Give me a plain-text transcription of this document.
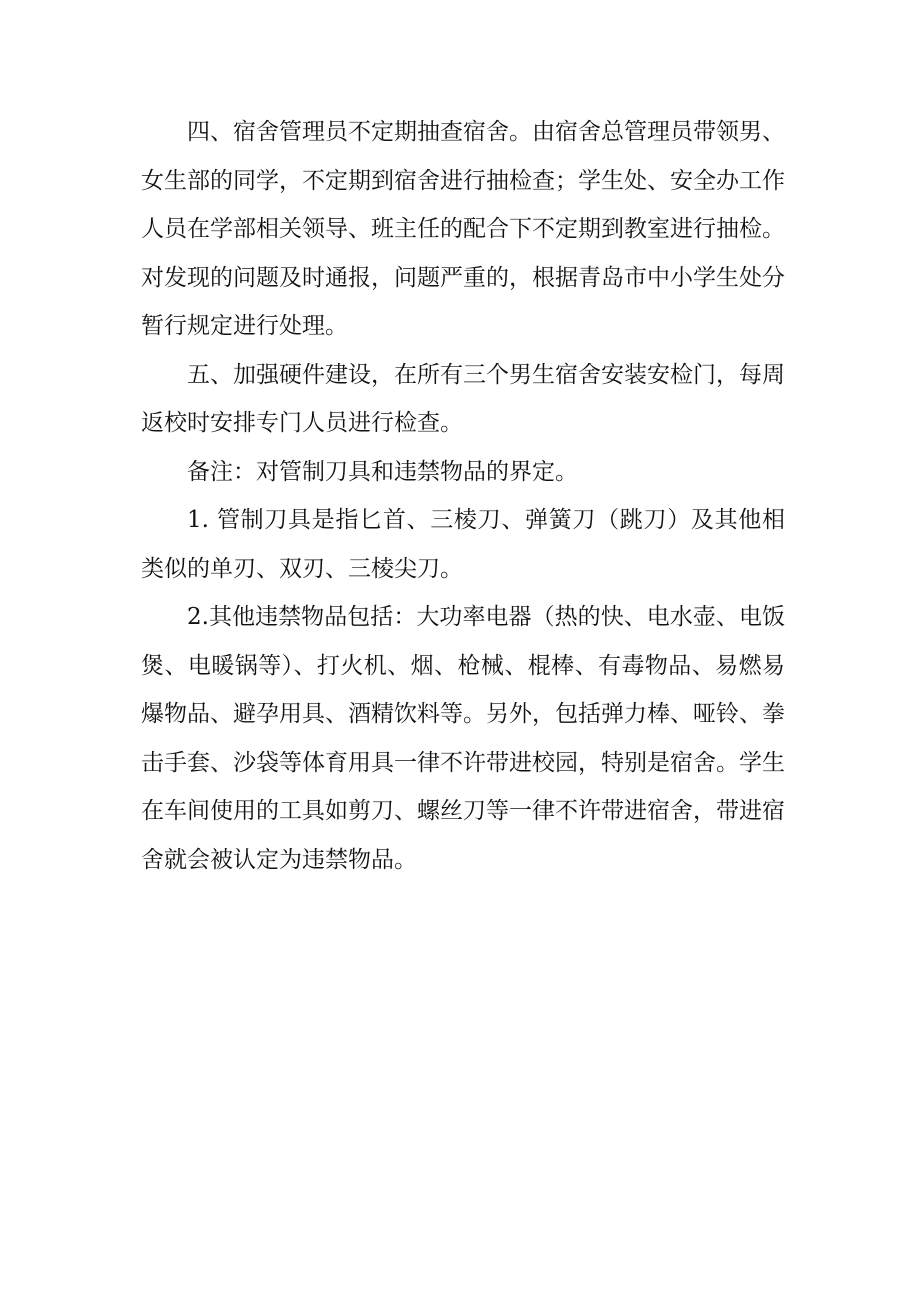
四、宿舍管理员不定期抽查宿舍。由宿舍总管理员带领男、女生部的同学，不定期到宿舍进行抽检查；学生处、安全办工作人员在学部相关领导、班主任的配合下不定期到教室进行抽检。对发现的问题及时通报，问题严重的，根据青岛市中小学生处分暂行规定进行处理。

五、加强硬件建设，在所有三个男生宿舍安装安检门，每周返校时安排专门人员进行检查。

备注：对管制刀具和违禁物品的界定。

1. 管制刀具是指匕首、三棱刀、弹簧刀（跳刀）及其他相类似的单刃、双刃、三棱尖刀。

2.其他违禁物品包括：大功率电器（热的快、电水壶、电饭煲、电暖锅等）、打火机、烟、枪械、棍棒、有毒物品、易燃易爆物品、避孕用具、酒精饮料等。另外，包括弹力棒、哑铃、拳击手套、沙袋等体育用具一律不许带进校园，特别是宿舍。学生在车间使用的工具如剪刀、螺丝刀等一律不许带进宿舍，带进宿舍就会被认定为违禁物品。
